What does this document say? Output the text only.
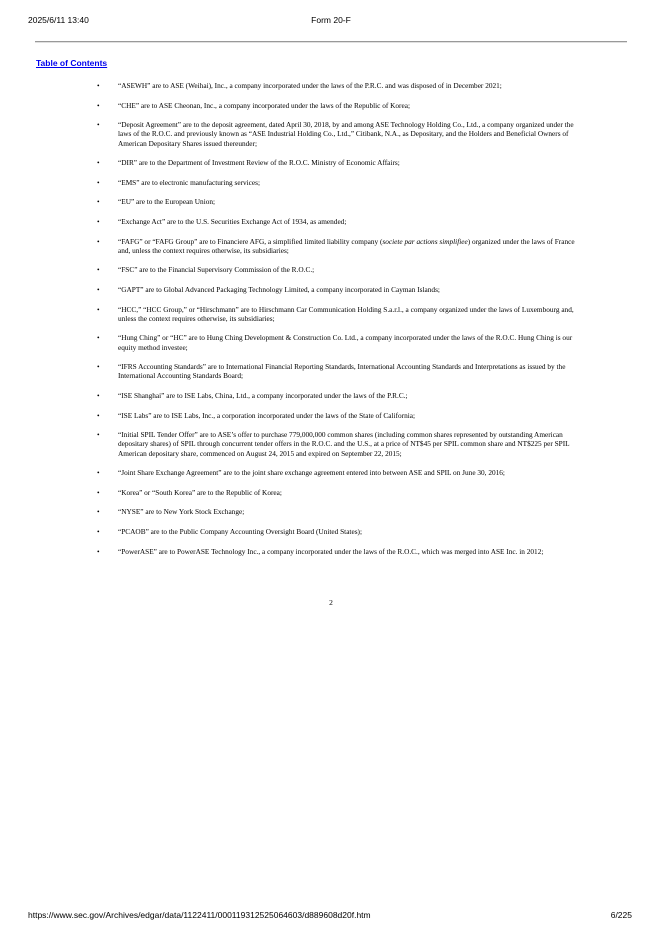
2025/6/11 13:40	Form 20-F
Table of Contents
• “ASEWH” are to ASE (Weihai), Inc., a company incorporated under the laws of the P.R.C. and was disposed of in December 2021;
• “CHE” are to ASE Cheonan, Inc., a company incorporated under the laws of the Republic of Korea;
• “Deposit Agreement” are to the deposit agreement, dated April 30, 2018, by and among ASE Technology Holding Co., Ltd., a company organized under the laws of the R.O.C. and previously known as “ASE Industrial Holding Co., Ltd.,” Citibank, N.A., as Depositary, and the Holders and Beneficial Owners of American Depositary Shares issued thereunder;
• “DIR” are to the Department of Investment Review of the R.O.C. Ministry of Economic Affairs;
• “EMS” are to electronic manufacturing services;
• “EU” are to the European Union;
• “Exchange Act” are to the U.S. Securities Exchange Act of 1934, as amended;
• “FAFG” or “FAFG Group” are to Financiere AFG, a simplified limited liability company (societe par actions simplifiee) organized under the laws of France and, unless the context requires otherwise, its subsidiaries;
• “FSC” are to the Financial Supervisory Commission of the R.O.C.;
• “GAPT” are to Global Advanced Packaging Technology Limited, a company incorporated in Cayman Islands;
• “HCC,” “HCC Group,” or “Hirschmann” are to Hirschmann Car Communication Holding S.a.r.l., a company organized under the laws of Luxembourg and, unless the context requires otherwise, its subsidiaries;
• “Hung Ching” or “HC” are to Hung Ching Development & Construction Co. Ltd., a company incorporated under the laws of the R.O.C. Hung Ching is our equity method investee;
• “IFRS Accounting Standards” are to International Financial Reporting Standards, International Accounting Standards and Interpretations as issued by the International Accounting Standards Board;
• “ISE Shanghai” are to ISE Labs, China, Ltd., a company incorporated under the laws of the P.R.C.;
• “ISE Labs” are to ISE Labs, Inc., a corporation incorporated under the laws of the State of California;
• “Initial SPIL Tender Offer” are to ASE’s offer to purchase 779,000,000 common shares (including common shares represented by outstanding American depositary shares) of SPIL through concurrent tender offers in the R.O.C. and the U.S., at a price of NT$45 per SPIL common share and NT$225 per SPIL American depositary share, commenced on August 24, 2015 and expired on September 22, 2015;
• “Joint Share Exchange Agreement” are to the joint share exchange agreement entered into between ASE and SPIL on June 30, 2016;
• “Korea” or “South Korea” are to the Republic of Korea;
• “NYSE” are to New York Stock Exchange;
• “PCAOB” are to the Public Company Accounting Oversight Board (United States);
• “PowerASE” are to PowerASE Technology Inc., a company incorporated under the laws of the R.O.C., which was merged into ASE Inc. in 2012;
2
https://www.sec.gov/Archives/edgar/data/1122411/000119312525064603/d889608d20f.htm	6/225
